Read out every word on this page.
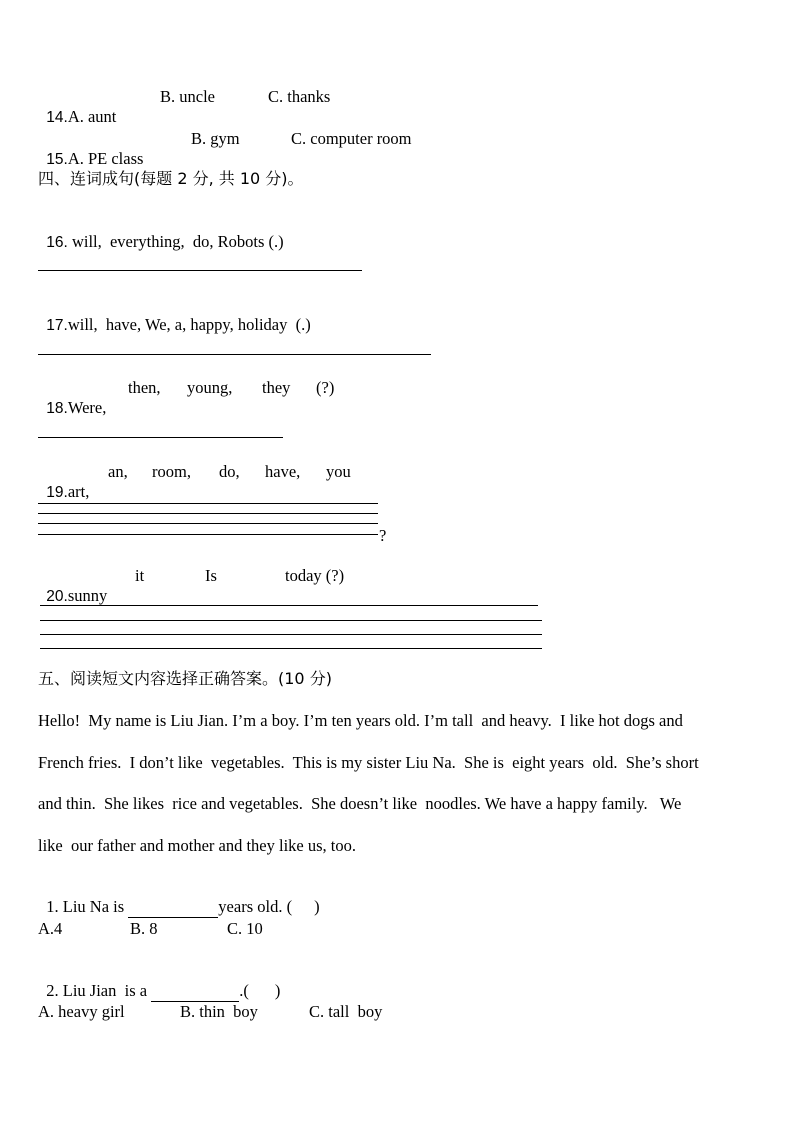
14.A. aunt

B. uncle	C. thanks

15.A. PE class

B. gym	C. computer room
四、连词成句(每题 2 分, 共 10 分)。

16. will,  everything,  do, Robots (.)

17.will,  have, We, a, happy, holiday  (.)

18.Were,

then, young, they (?)

19.art,

an, room, do, have, you
?

20.sunny

it	Is	today (?)
五、阅读短文内容选择正确答案。(10 分)
Hello!  My name is Liu Jian. I’m a boy. I’m ten years old. I’m tall  and heavy.  I like hot dogs and
French fries.  I don’t like  vegetables.  This is my sister Liu Na.  She is  eight years  old.  She’s short
and thin.  She likes  rice and vegetables.  She doesn’t like  noodles. We have a happy family.   We
like  our father and mother and they like us, too.

1. Liu Na is	years old. ( )

A.4	B. 8	C. 10

2. Liu Jian  is a	.( )

A. heavy girl	B. thin  boy	C. tall  boy
